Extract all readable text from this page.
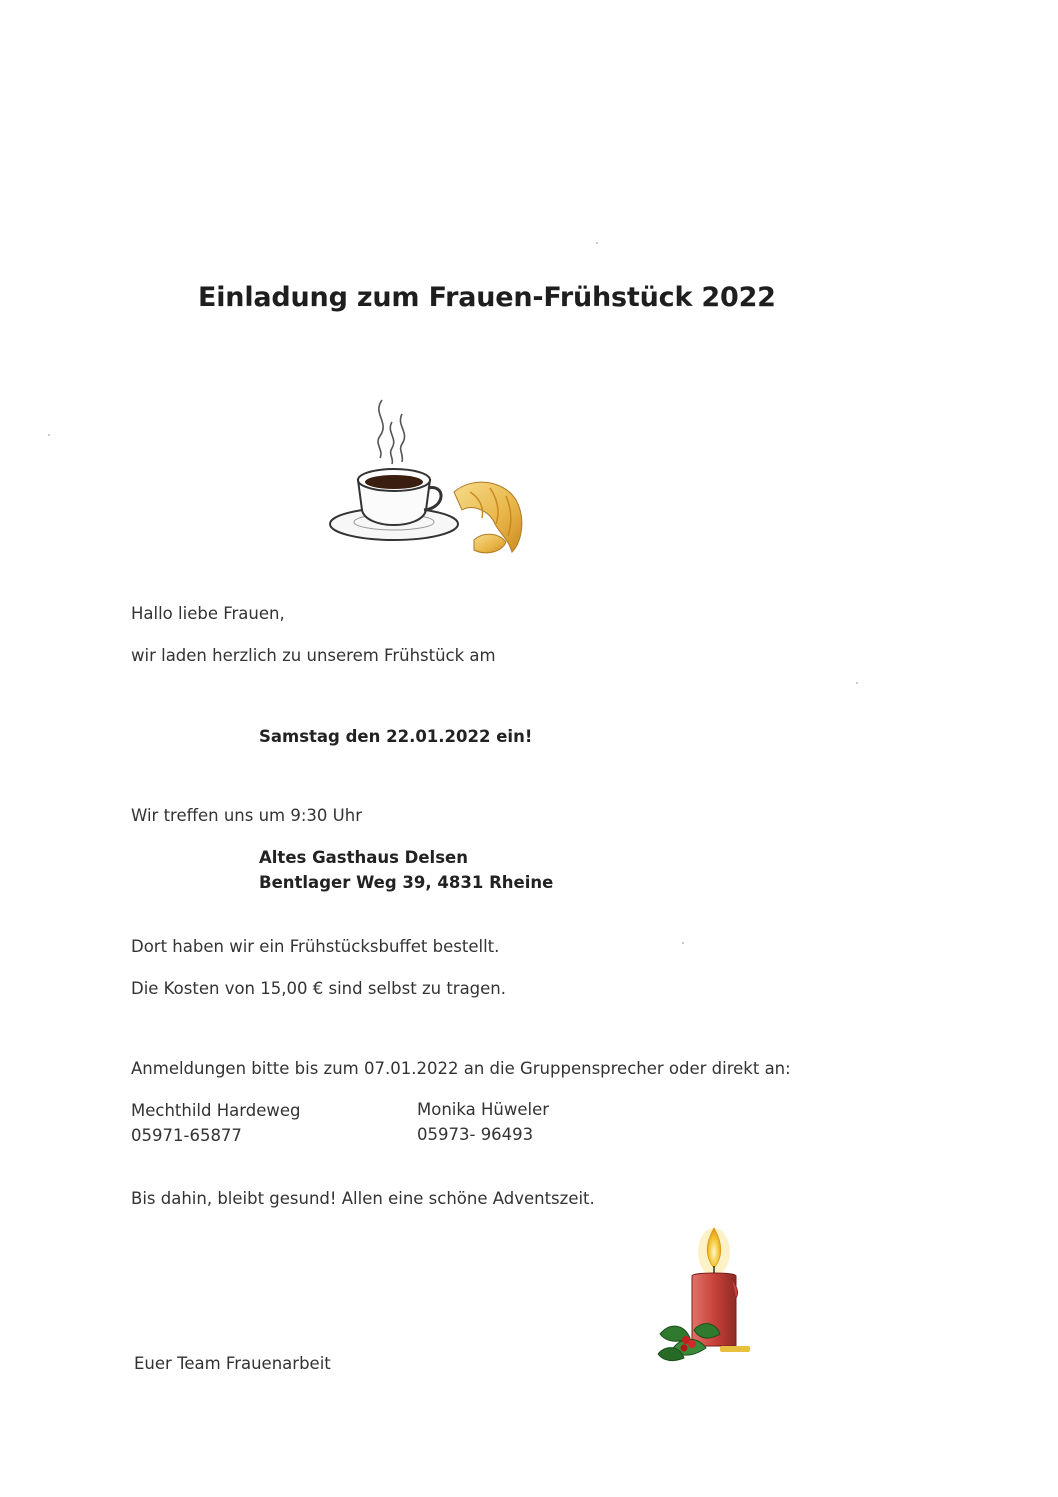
Einladung zum Frauen-Frühstück 2022
Hallo liebe Frauen,
wir laden herzlich zu unserem Frühstück am
Samstag den 22.01.2022 ein!
Wir treffen uns um 9:30 Uhr
Altes Gasthaus Delsen
Bentlager Weg 39, 4831 Rheine
Dort haben wir ein Frühstücksbuffet bestellt.
Die Kosten von 15,00 € sind selbst zu tragen.
Anmeldungen bitte bis zum 07.01.2022 an die Gruppensprecher oder direkt an:
Mechthild Hardeweg
05971-65877
Monika Hüweler
05973- 96493
Bis dahin, bleibt gesund! Allen eine schöne Adventszeit.
Euer Team Frauenarbeit
